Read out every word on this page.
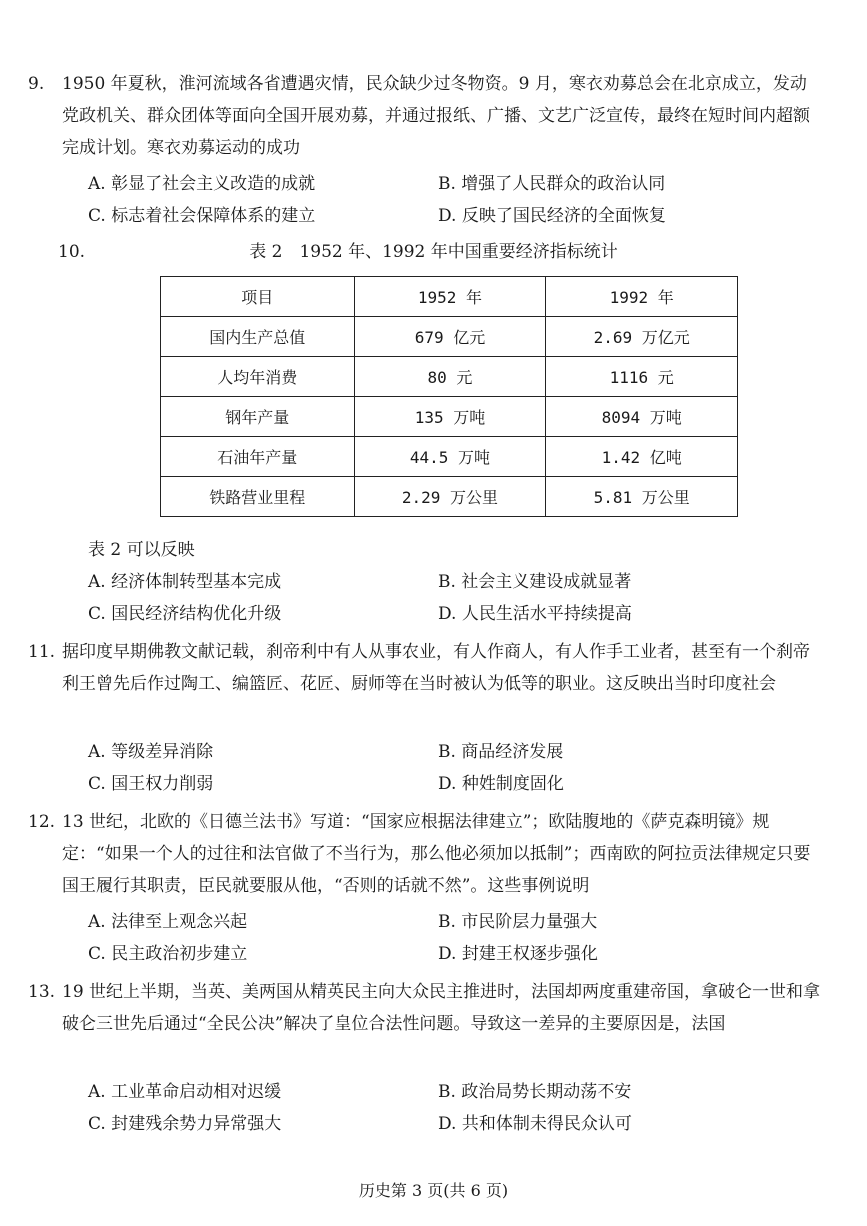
9. 1950 年夏秋，淮河流域各省遭遇灾情，民众缺少过冬物资。9 月，寒衣劝募总会在北京成立，发动党政机关、群众团体等面向全国开展劝募，并通过报纸、广播、文艺广泛宣传，最终在短时间内超额完成计划。寒衣劝募运动的成功
A. 彰显了社会主义改造的成就	B. 增强了人民群众的政治认同
C. 标志着社会保障体系的建立	D. 反映了国民经济的全面恢复
10.	表 2　1952 年、1992 年中国重要经济指标统计
项目	1952 年	1992 年
国内生产总值	679 亿元	2.69 万亿元
人均年消费	80 元	1116 元
钢年产量	135 万吨	8094 万吨
石油年产量	44.5 万吨	1.42 亿吨
铁路营业里程	2.29 万公里	5.81 万公里
表 2 可以反映
A. 经济体制转型基本完成	B. 社会主义建设成就显著
C. 国民经济结构优化升级	D. 人民生活水平持续提高
11. 据印度早期佛教文献记载，刹帝利中有人从事农业，有人作商人，有人作手工业者，甚至有一个刹帝利王曾先后作过陶工、编篮匠、花匠、厨师等在当时被认为低等的职业。这反映出当时印度社会
A. 等级差异消除	B. 商品经济发展
C. 国王权力削弱	D. 种姓制度固化
12. 13 世纪，北欧的《日德兰法书》写道：“国家应根据法律建立”；欧陆腹地的《萨克森明镜》规定：“如果一个人的过往和法官做了不当行为，那么他必须加以抵制”；西南欧的阿拉贡法律规定只要国王履行其职责，臣民就要服从他，“否则的话就不然”。这些事例说明
A. 法律至上观念兴起	B. 市民阶层力量强大
C. 民主政治初步建立	D. 封建王权逐步强化
13. 19 世纪上半期，当英、美两国从精英民主向大众民主推进时，法国却两度重建帝国，拿破仑一世和拿破仑三世先后通过“全民公决”解决了皇位合法性问题。导致这一差异的主要原因是，法国
A. 工业革命启动相对迟缓	B. 政治局势长期动荡不安
C. 封建残余势力异常强大	D. 共和体制未得民众认可
历史第 3 页(共 6 页)
